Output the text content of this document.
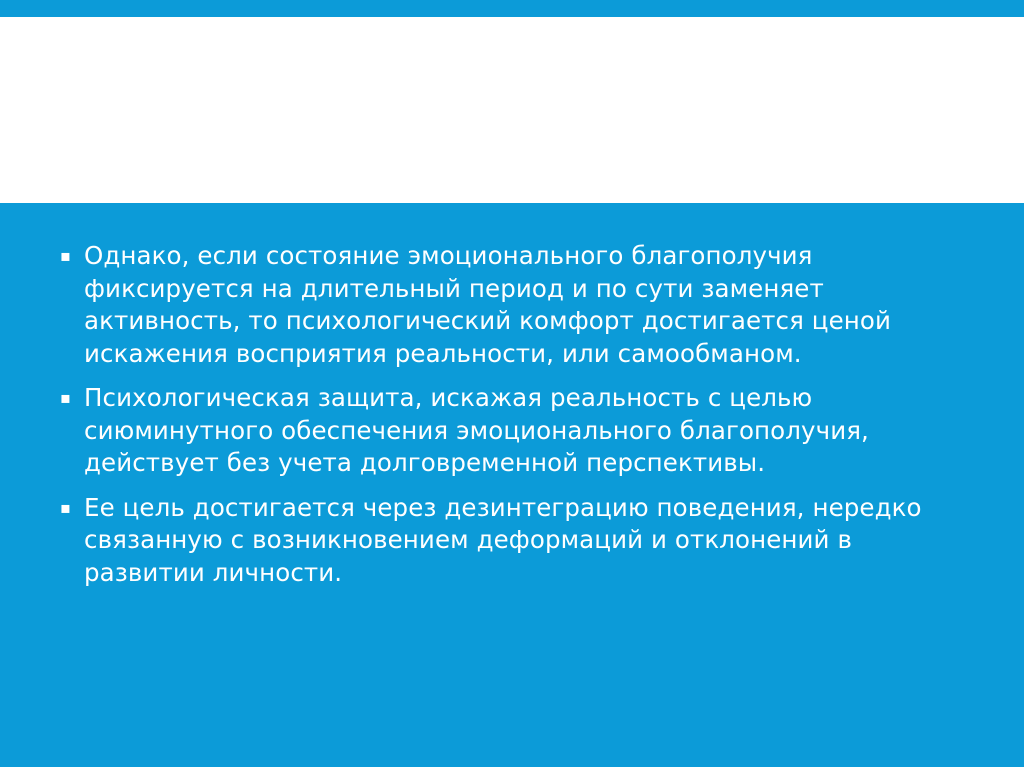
▪ Однако, если состояние эмоционального благополучия фиксируется на длительный период и по сути заменяет активность, то психологический комфорт достигается ценой искажения восприятия реальности, или самообманом.
▪ Психологическая защита, искажая реальность с целью сиюминутного обеспечения эмоционального благополучия, действует без учета долговременной перспективы.
▪ Ее цель достигается через дезинтеграцию поведения, нередко связанную с возникновением деформаций и отклонений в развитии личности.
